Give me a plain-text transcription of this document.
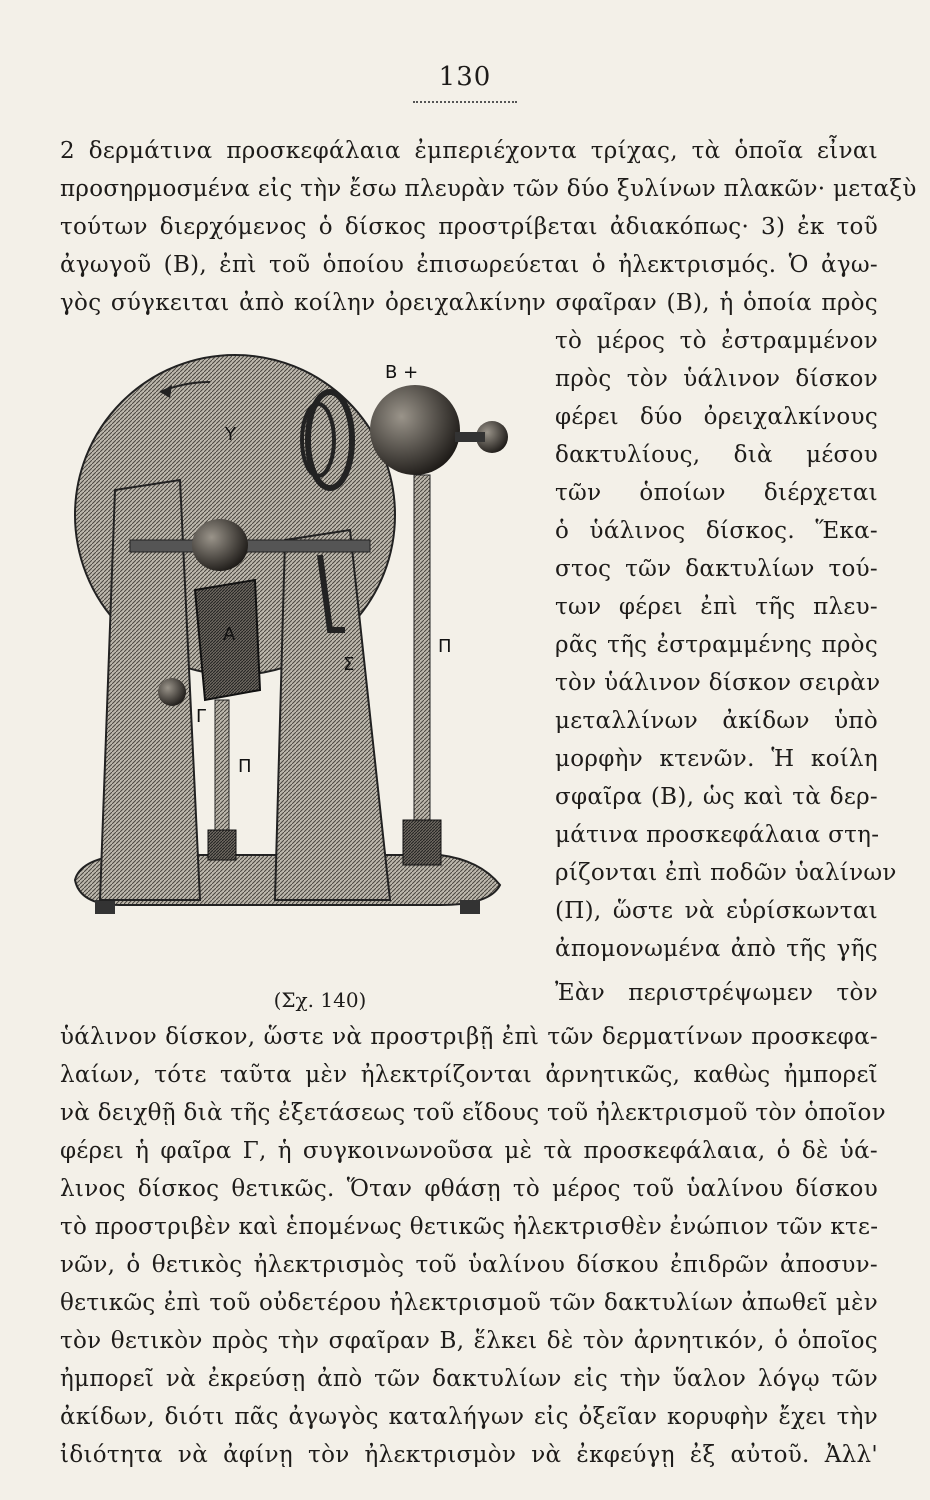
130
2 δερμάτινα προσκεφάλαια ἐμπεριέχοντα τρίχας, τὰ ὁποῖα εἶναι
προσηρμοσμένα εἰς τὴν ἔσω πλευρὰν τῶν δύο ξυλίνων πλακῶν· μεταξὺ
τούτων διερχόμενος ὁ δίσκος προστρίβεται ἀδιακόπως· 3) ἐκ τοῦ
ἀγωγοῦ (Β), ἐπὶ τοῦ ὁποίου ἐπισωρεύεται ὁ ἠλεκτρισμός. Ὁ ἀγω-
γὸς σύγκειται ἀπὸ κοίλην ὀρειχαλκίνην σφαῖραν (Β), ἡ ὁποία πρὸς
τὸ μέρος τὸ ἐστραμμένον
πρὸς τὸν ὑάλινον δίσκον
φέρει δύο ὀρειχαλκίνους
δακτυλίους, διὰ μέσου
τῶν ὁποίων διέρχεται
ὁ ὑάλινος δίσκος. Ἕκα-
στος τῶν δακτυλίων τού-
των φέρει ἐπὶ τῆς πλευ-
ρᾶς τῆς ἐστραμμένης πρὸς
τὸν ὑάλινον δίσκον σειρὰν
μεταλλίνων ἀκίδων ὑπὸ
μορφὴν κτενῶν. Ἡ κοίλη
σφαῖρα (Β), ὡς καὶ τὰ δερ-
μάτινα προσκεφάλαια στη-
ρίζονται ἐπὶ ποδῶν ὑαλίνων
(Π), ὥστε νὰ εὑρίσκωνται
ἀπομονωμένα ἀπὸ τῆς γῆς
Ἐὰν περιστρέψωμεν τὸν
Β +
Υ
Α
Γ
Σ
Π
Π
(Σχ. 140)
ὑάλινον δίσκον, ὥστε νὰ προστριβῇ ἐπὶ τῶν δερματίνων προσκεφα-
λαίων, τότε ταῦτα μὲν ἠλεκτρίζονται ἀρνητικῶς, καθὼς ἠμπορεῖ
νὰ δειχθῇ διὰ τῆς ἐξετάσεως τοῦ εἴδους τοῦ ἠλεκτρισμοῦ τὸν ὁποῖον
φέρει ἡ φαῖρα Γ, ἡ συγκοινωνοῦσα μὲ τὰ προσκεφάλαια, ὁ δὲ ὑά-
λινος δίσκος θετικῶς. Ὅταν φθάσῃ τὸ μέρος τοῦ ὑαλίνου δίσκου
τὸ προστριβὲν καὶ ἑπομένως θετικῶς ἠλεκτρισθὲν ἐνώπιον τῶν κτε-
νῶν, ὁ θετικὸς ἠλεκτρισμὸς τοῦ ὑαλίνου δίσκου ἐπιδρῶν ἀποσυν-
θετικῶς ἐπὶ τοῦ οὐδετέρου ἠλεκτρισμοῦ τῶν δακτυλίων ἀπωθεῖ μὲν
τὸν θετικὸν πρὸς τὴν σφαῖραν Β, ἕλκει δὲ τὸν ἀρνητικόν, ὁ ὁποῖος
ἠμπορεῖ νὰ ἐκρεύσῃ ἀπὸ τῶν δακτυλίων εἰς τὴν ὕαλον λόγῳ τῶν
ἀκίδων, διότι πᾶς ἀγωγὸς καταλήγων εἰς ὀξεῖαν κορυφὴν ἔχει τὴν
ἰδιότητα νὰ ἀφίνῃ τὸν ἠλεκτρισμὸν νὰ ἐκφεύγῃ ἐξ αὐτοῦ. Ἀλλ'
